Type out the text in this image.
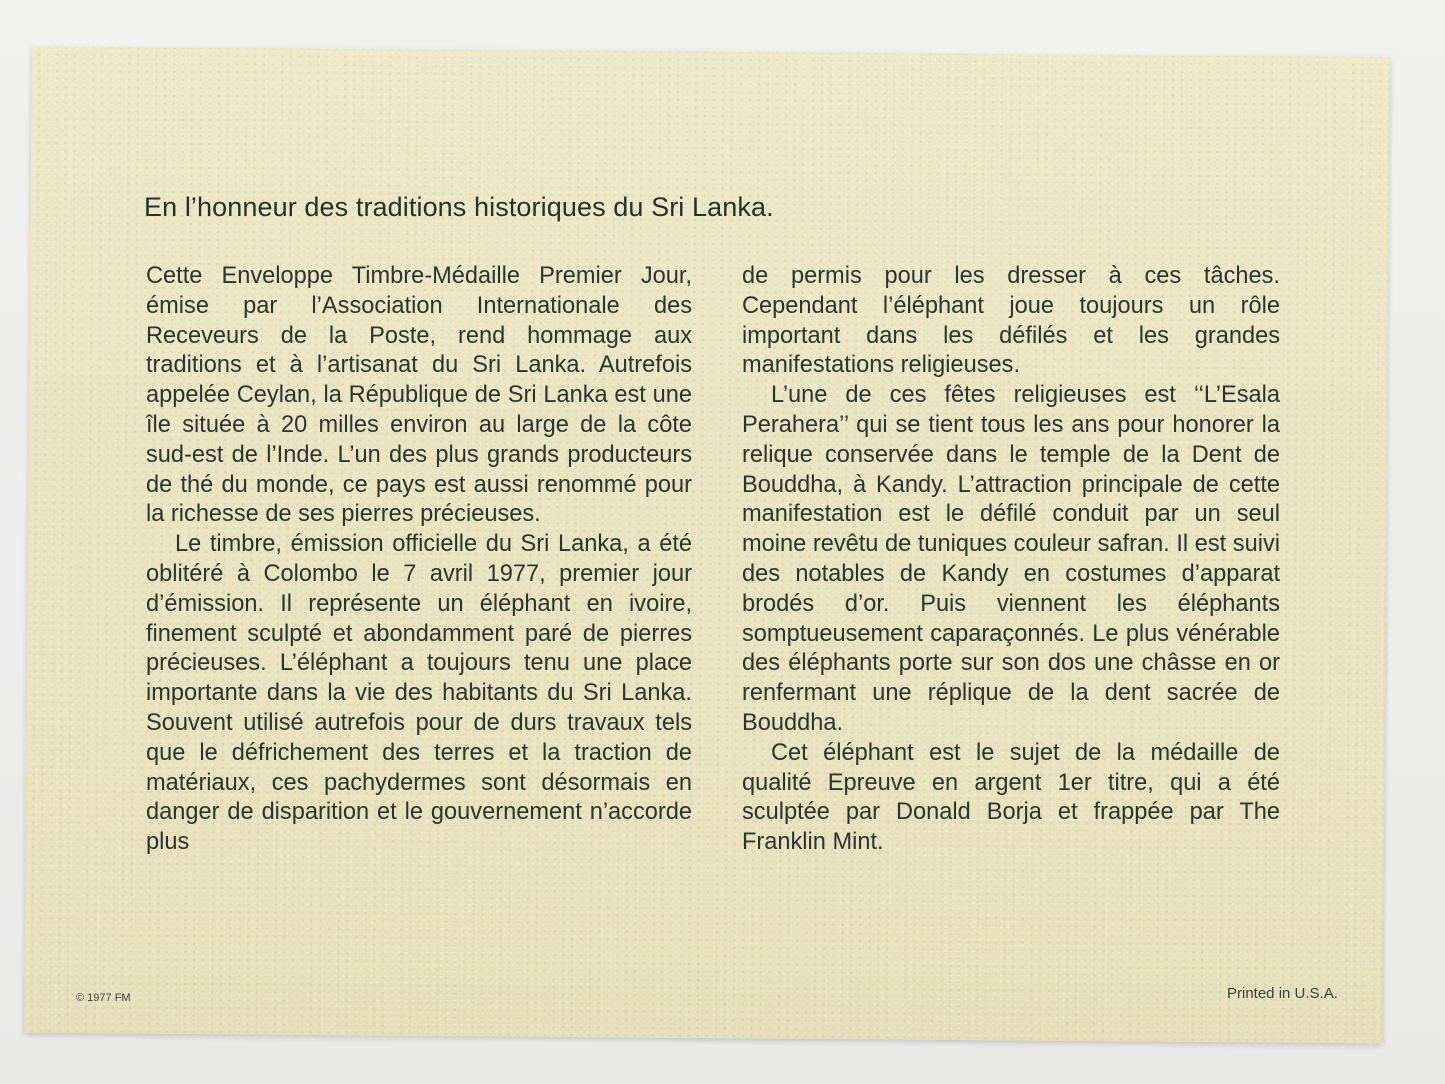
En l’honneur des traditions historiques du Sri Lanka.

Cette Enveloppe Timbre-Médaille Premier Jour, émise par l’Association Internationale des Receveurs de la Poste, rend hommage aux traditions et à l’artisanat du Sri Lanka. Autrefois appelée Ceylan, la République de Sri Lanka est une île située à 20 milles environ au large de la côte sud-est de l’Inde. L’un des plus grands producteurs de thé du monde, ce pays est aussi renommé pour la richesse de ses pierres précieuses.

Le timbre, émission officielle du Sri Lanka, a été oblitéré à Colombo le 7 avril 1977, premier jour d’émission. Il représente un éléphant en ivoire, finement sculpté et abondamment paré de pierres précieuses. L’éléphant a toujours tenu une place importante dans la vie des habitants du Sri Lanka. Souvent utilisé autrefois pour de durs travaux tels que le défrichement des terres et la traction de matériaux, ces pachydermes sont désormais en danger de disparition et le gouvernement n’accorde plus

de permis pour les dresser à ces tâches. Cependant l’éléphant joue toujours un rôle important dans les défilés et les grandes manifestations religieuses.

L’une de ces fêtes religieuses est ‘‘L’Esala Perahera’’ qui se tient tous les ans pour honorer la relique conservée dans le temple de la Dent de Bouddha, à Kandy. L’attraction principale de cette manifestation est le défilé conduit par un seul moine revêtu de tuniques couleur safran. Il est suivi des notables de Kandy en costumes d’apparat brodés d’or. Puis viennent les éléphants somptueusement caparaçonnés. Le plus vénérable des éléphants porte sur son dos une châsse en or renfermant une réplique de la dent sacrée de Bouddha.

Cet éléphant est le sujet de la médaille de qualité Epreuve en argent 1er titre, qui a été sculptée par Donald Borja et frappée par The Franklin Mint.

© 1977 FM	Printed in U.S.A.
